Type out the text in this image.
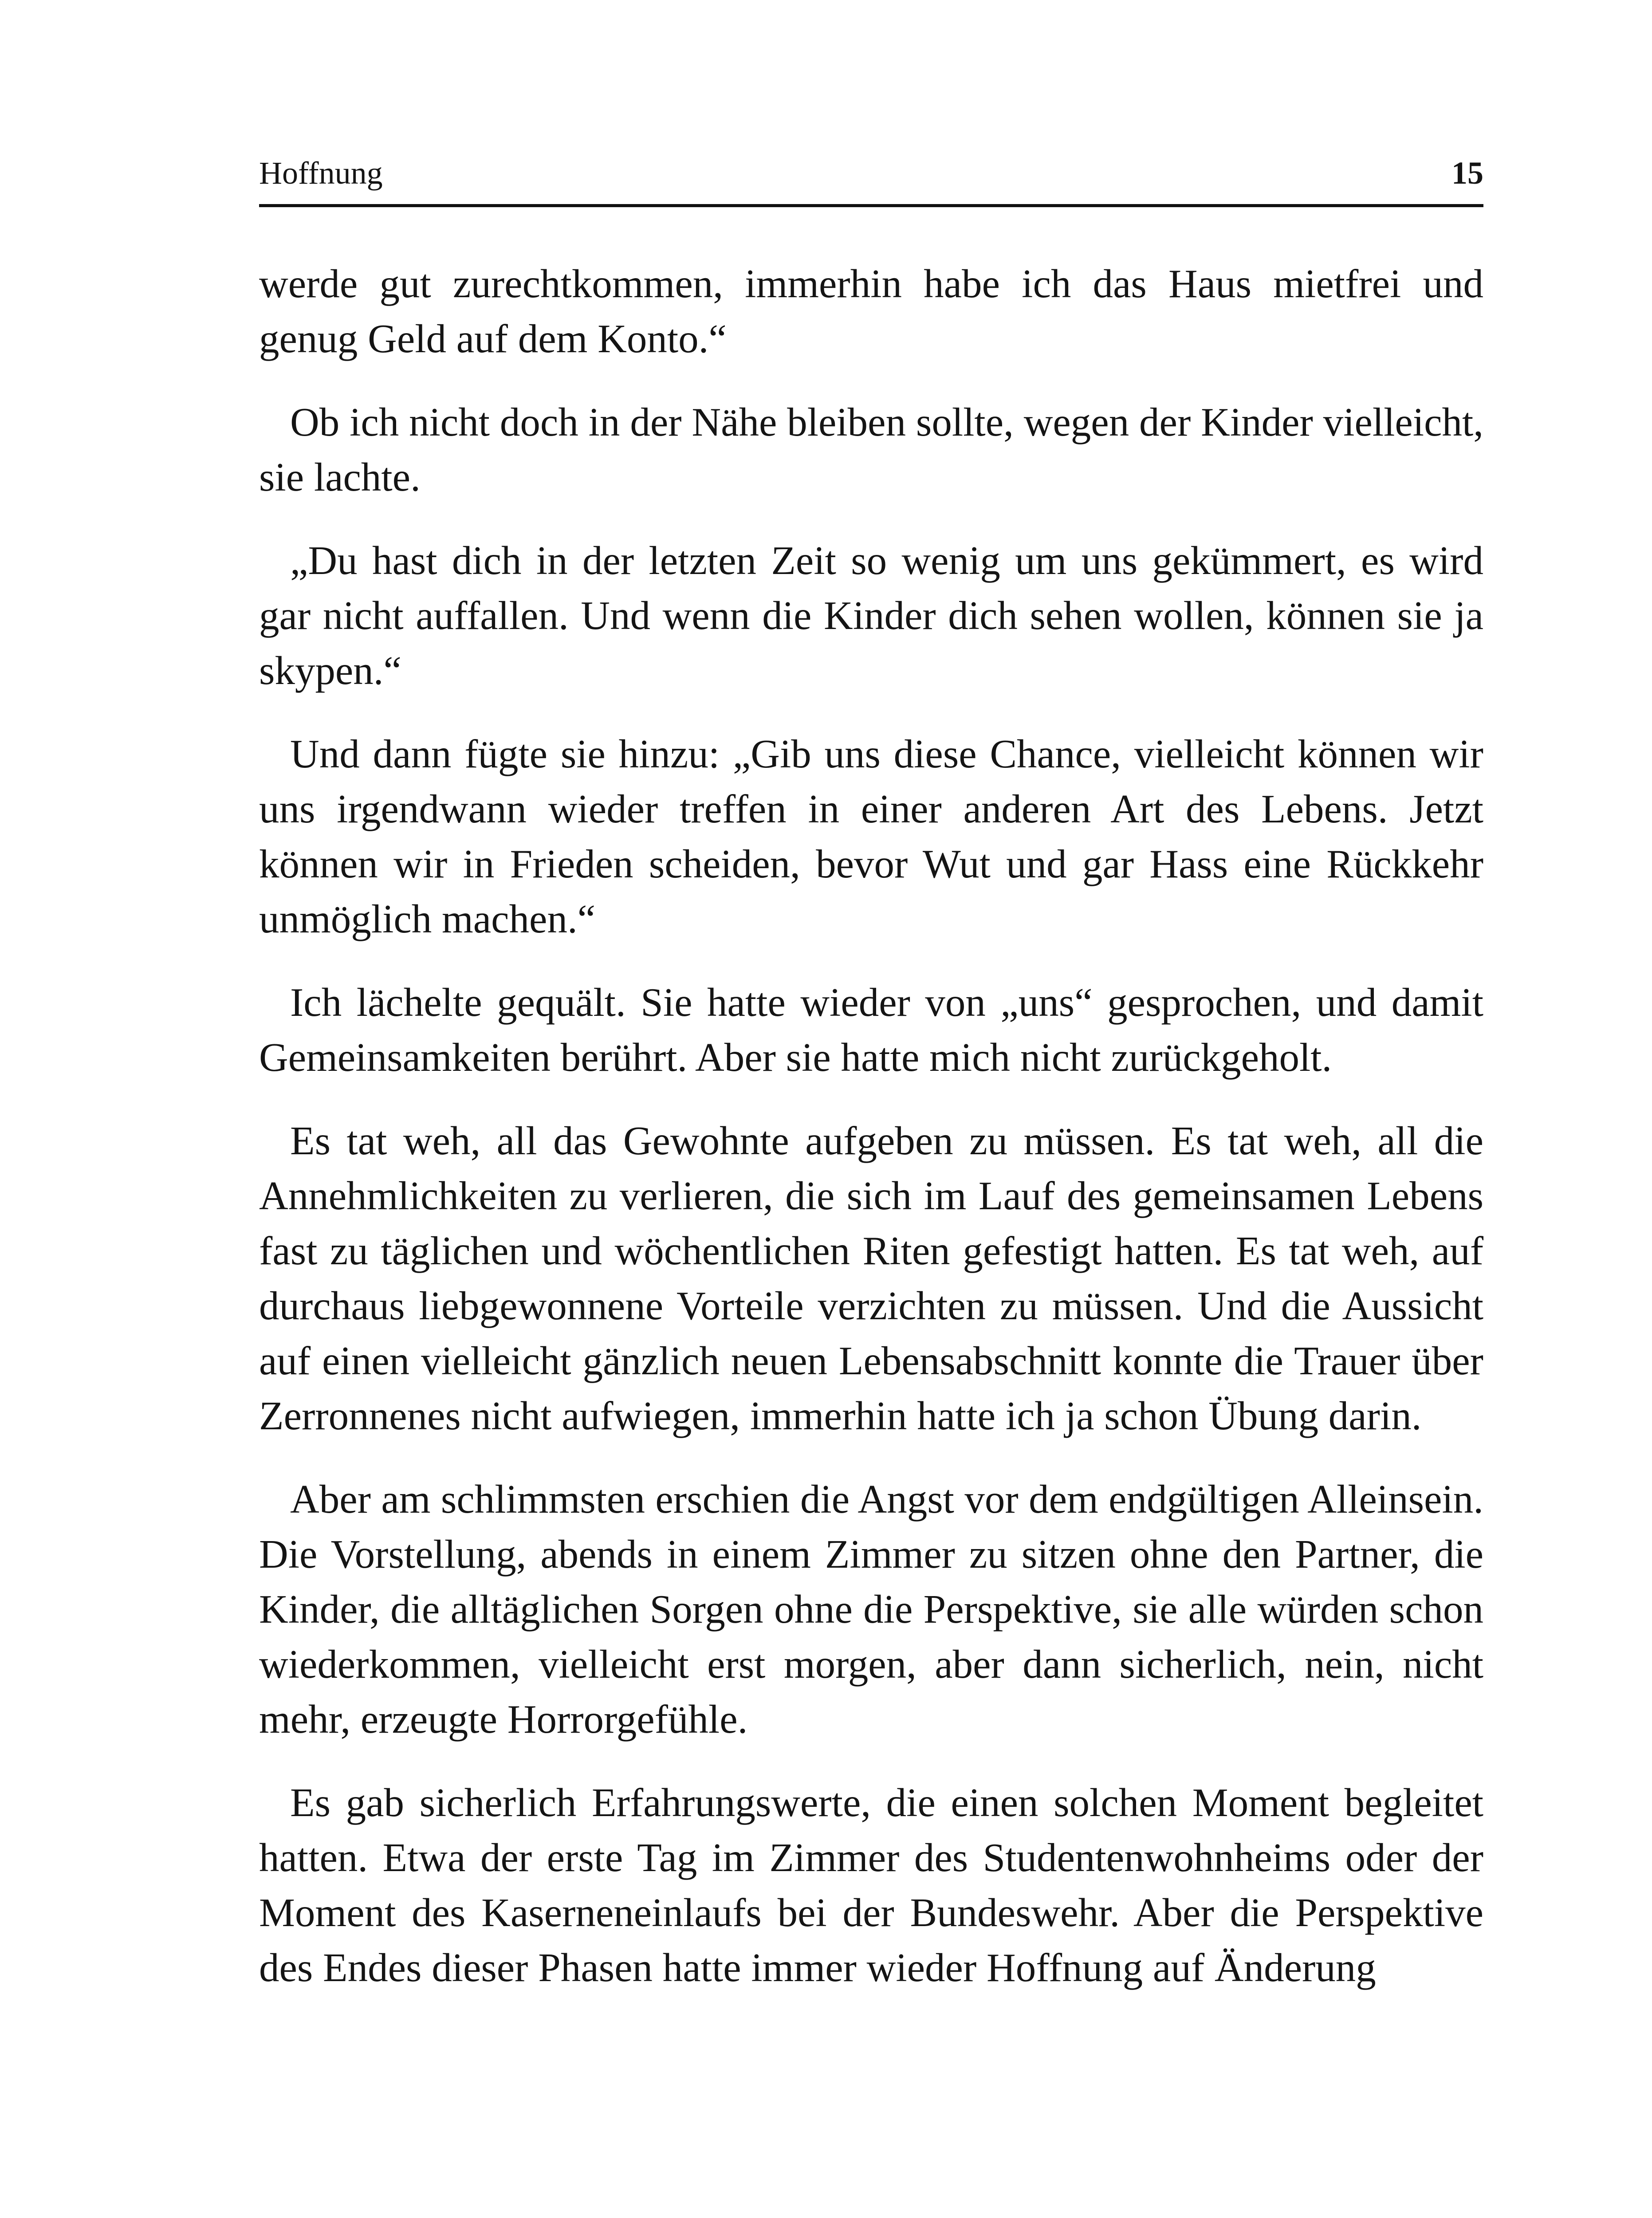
Hoffnung	15

werde gut zurechtkommen, immerhin habe ich das Haus mietfrei und genug Geld auf dem Konto.“

Ob ich nicht doch in der Nähe bleiben sollte, wegen der Kinder vielleicht, sie lachte.

„Du hast dich in der letzten Zeit so wenig um uns gekümmert, es wird gar nicht auffallen. Und wenn die Kinder dich sehen wollen, können sie ja skypen.“

Und dann fügte sie hinzu: „Gib uns diese Chance, vielleicht können wir uns irgendwann wieder treffen in einer anderen Art des Lebens. Jetzt können wir in Frieden scheiden, bevor Wut und gar Hass eine Rückkehr unmöglich machen.“

Ich lächelte gequält. Sie hatte wieder von „uns“ gesprochen, und damit Gemeinsamkeiten berührt. Aber sie hatte mich nicht zurückgeholt.

Es tat weh, all das Gewohnte aufgeben zu müssen. Es tat weh, all die Annehmlichkeiten zu verlieren, die sich im Lauf des gemeinsamen Lebens fast zu täglichen und wöchentlichen Riten gefestigt hatten. Es tat weh, auf durchaus liebgewonnene Vorteile verzichten zu müssen. Und die Aussicht auf einen vielleicht gänzlich neuen Lebensabschnitt konnte die Trauer über Zerronnenes nicht aufwiegen, immerhin hatte ich ja schon Übung darin.

Aber am schlimmsten erschien die Angst vor dem endgültigen Alleinsein. Die Vorstellung, abends in einem Zimmer zu sitzen ohne den Partner, die Kinder, die alltäglichen Sorgen ohne die Perspektive, sie alle würden schon wiederkommen, vielleicht erst morgen, aber dann sicherlich, nein, nicht mehr, erzeugte Horrorgefühle.

Es gab sicherlich Erfahrungswerte, die einen solchen Moment begleitet hatten. Etwa der erste Tag im Zimmer des Studentenwohnheims oder der Moment des Kaserneneinlaufs bei der Bundeswehr. Aber die Perspektive des Endes dieser Phasen hatte immer wieder Hoffnung auf Änderung
